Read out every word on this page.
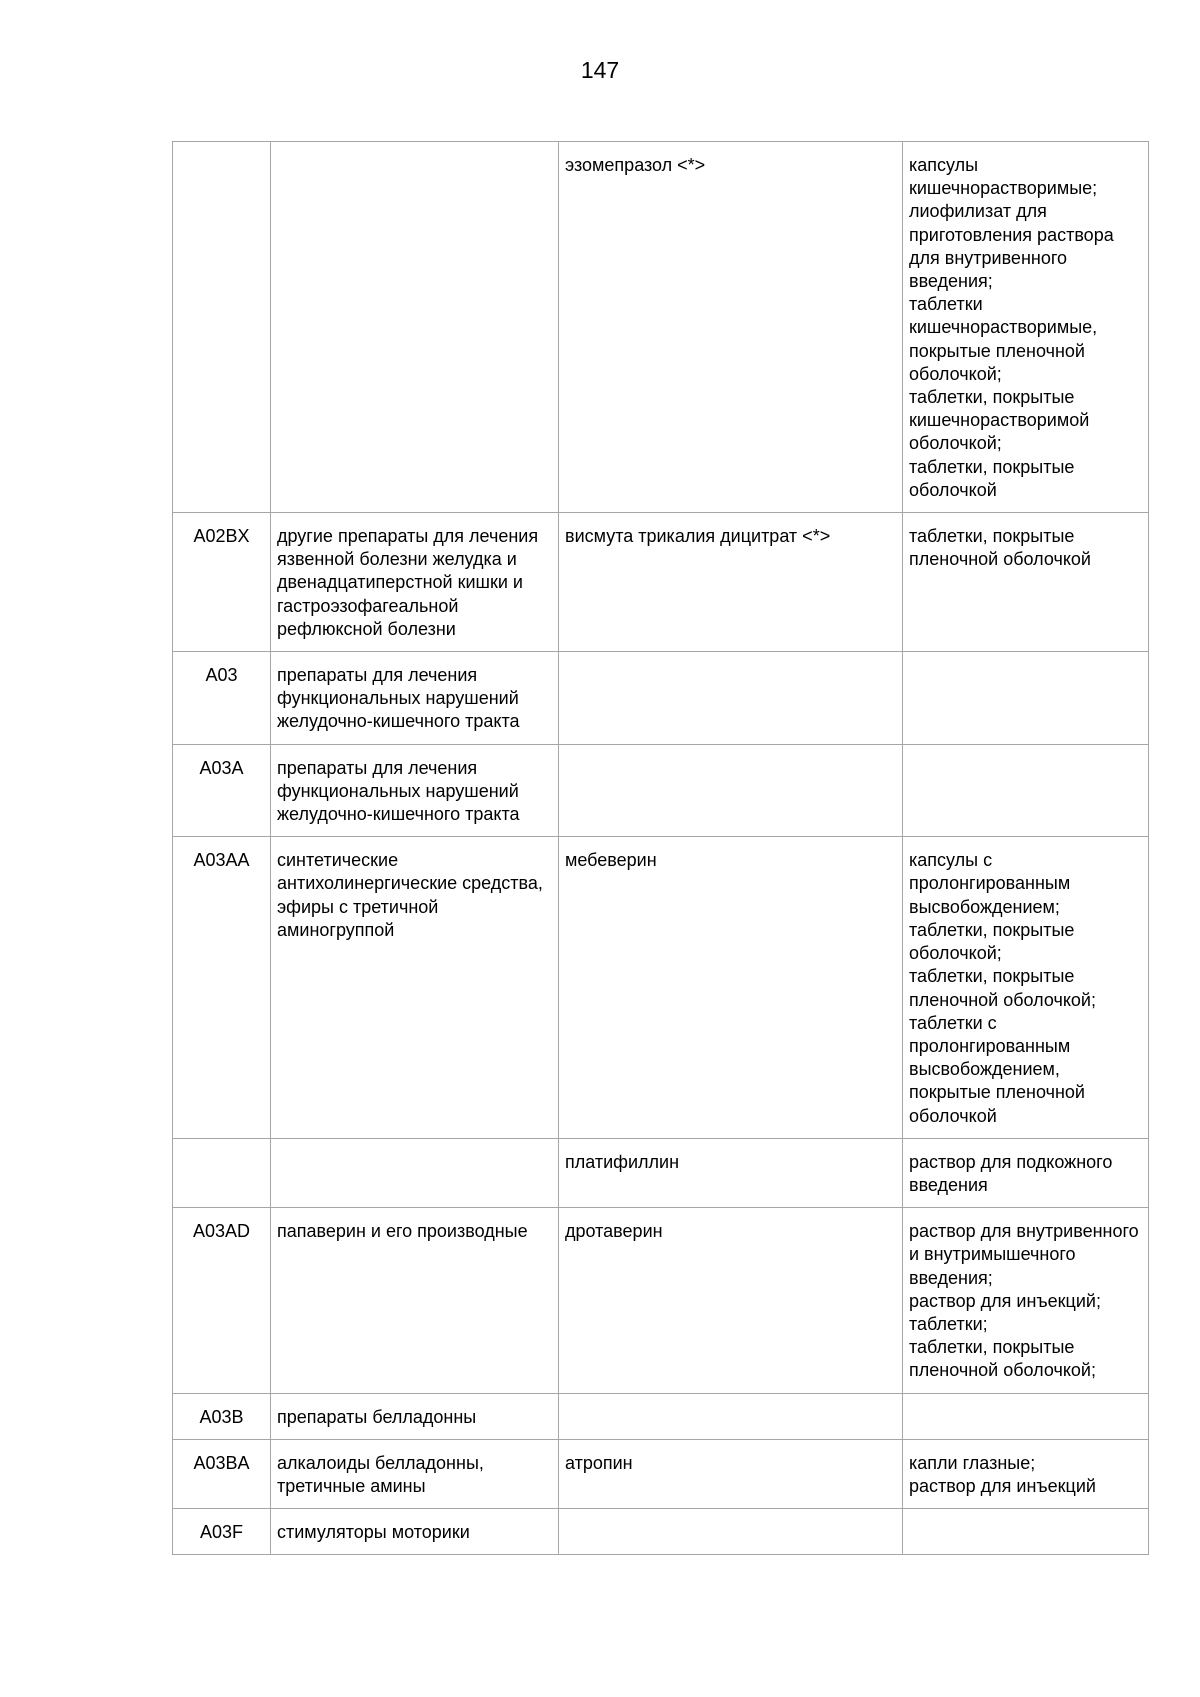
147
		эзомепразол <*>	капсулы кишечнорастворимые;
лиофилизат для приготовления раствора для внутривенного введения;
таблетки кишечнорастворимые, покрытые пленочной оболочкой;
таблетки, покрытые кишечнорастворимой оболочкой;
таблетки, покрытые оболочкой

A02BX	другие препараты для лечения язвенной болезни желудка и двенадцатиперстной кишки и гастроэзофагеальной рефлюксной болезни	висмута трикалия дицитрат <*>	таблетки, покрытые пленочной оболочкой

A03	препараты для лечения функциональных нарушений желудочно-кишечного тракта		
A03A	препараты для лечения функциональных нарушений желудочно-кишечного тракта		
A03AA	синтетические антихолинергические средства, эфиры с третичной аминогруппой	мебеверин	капсулы с пролонгированным высвобождением;
таблетки, покрытые оболочкой;
таблетки, покрытые пленочной оболочкой;
таблетки с пролонгированным высвобождением, покрытые пленочной оболочкой

		платифиллин	раствор для подкожного введения

A03AD	папаверин и его производные	дротаверин	раствор для внутривенного и внутримышечного введения;
раствор для инъекций;
таблетки;
таблетки, покрытые пленочной оболочкой;

A03B	препараты белладонны		
A03BA	алкалоиды белладонны, третичные амины	атропин	капли глазные;
раствор для инъекций

A03F	стимуляторы моторики		
